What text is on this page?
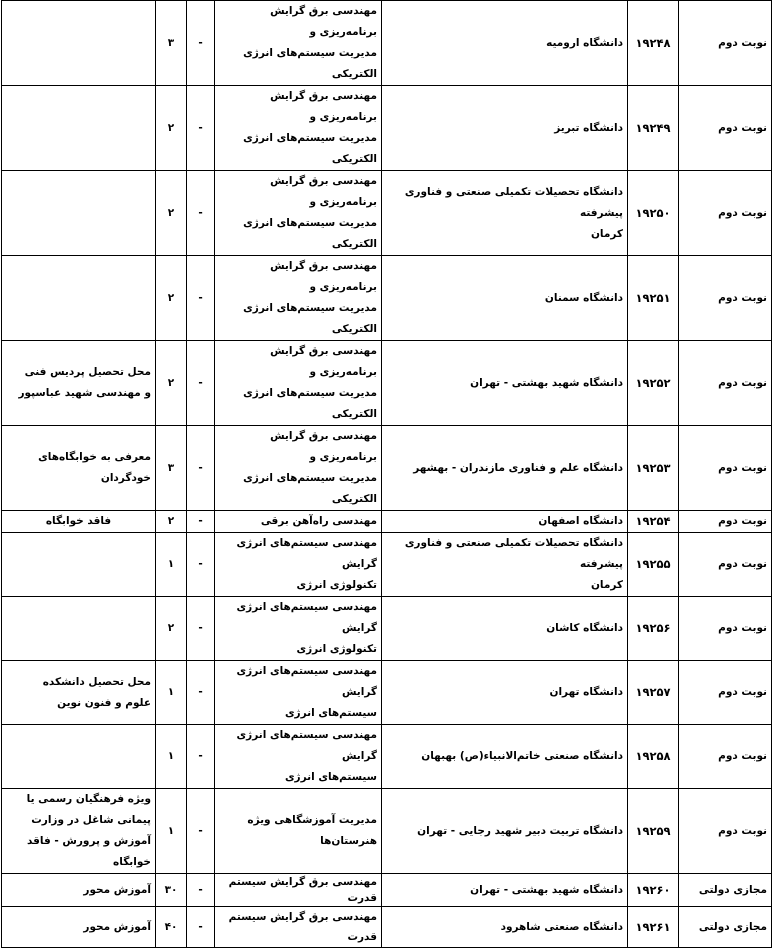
نوبت دوم	۱۹۲۴۸	دانشگاه ارومیه	مهندسی برق گرایش برنامه‌ریزی و
مدیریت سیستم‌های انرژی الکتریکی	-	۳	
نوبت دوم	۱۹۲۴۹	دانشگاه تبریز	مهندسی برق گرایش برنامه‌ریزی و
مدیریت سیستم‌های انرژی الکتریکی	-	۲	
نوبت دوم	۱۹۲۵۰	دانشگاه تحصیلات تکمیلی صنعتی و فناوری پیشرفته
کرمان	مهندسی برق گرایش برنامه‌ریزی و
مدیریت سیستم‌های انرژی الکتریکی	-	۲	
نوبت دوم	۱۹۲۵۱	دانشگاه سمنان	مهندسی برق گرایش برنامه‌ریزی و
مدیریت سیستم‌های انرژی الکتریکی	-	۲	
نوبت دوم	۱۹۲۵۲	دانشگاه شهید بهشتی - تهران	مهندسی برق گرایش برنامه‌ریزی و
مدیریت سیستم‌های انرژی الکتریکی	-	۲	محل تحصیل پردیس فنی
و مهندسی شهید عباسپور

نوبت دوم	۱۹۲۵۳	دانشگاه علم و فناوری مازندران - بهشهر	مهندسی برق گرایش برنامه‌ریزی و
مدیریت سیستم‌های انرژی الکتریکی	-	۳	معرفی به خوابگاه‌های
خودگردان

نوبت دوم	۱۹۲۵۴	دانشگاه اصفهان	مهندسی راه‌آهن برقی	-	۲	فاقد خوابگاه
نوبت دوم	۱۹۲۵۵	دانشگاه تحصیلات تکمیلی صنعتی و فناوری پیشرفته
کرمان	مهندسی سیستم‌های انرژی گرایش
تکنولوژی انرژی	-	۱	
نوبت دوم	۱۹۲۵۶	دانشگاه کاشان	مهندسی سیستم‌های انرژی گرایش
تکنولوژی انرژی	-	۲	
نوبت دوم	۱۹۲۵۷	دانشگاه تهران	مهندسی سیستم‌های انرژی گرایش
سیستم‌های انرژی	-	۱	محل تحصیل دانشکده
علوم و فنون نوین

نوبت دوم	۱۹۲۵۸	دانشگاه صنعتی خاتم‌الانبیاء(ص) بهبهان	مهندسی سیستم‌های انرژی گرایش
سیستم‌های انرژی	-	۱	
نوبت دوم	۱۹۲۵۹	دانشگاه تربیت دبیر شهید رجایی - تهران	مدیریت آموزشگاهی ویژه هنرستان‌ها	-	۱	ویژه فرهنگیان رسمی یا
پیمانی شاغل در وزارت
آموزش و پرورش - فاقد
خوابگاه

مجازی دولتی	۱۹۲۶۰	دانشگاه شهید بهشتی - تهران	مهندسی برق گرایش سیستم قدرت	-	۳۰	آموزش محور
مجازی دولتی	۱۹۲۶۱	دانشگاه صنعتی شاهرود	مهندسی برق گرایش سیستم قدرت	-	۴۰	آموزش محور
